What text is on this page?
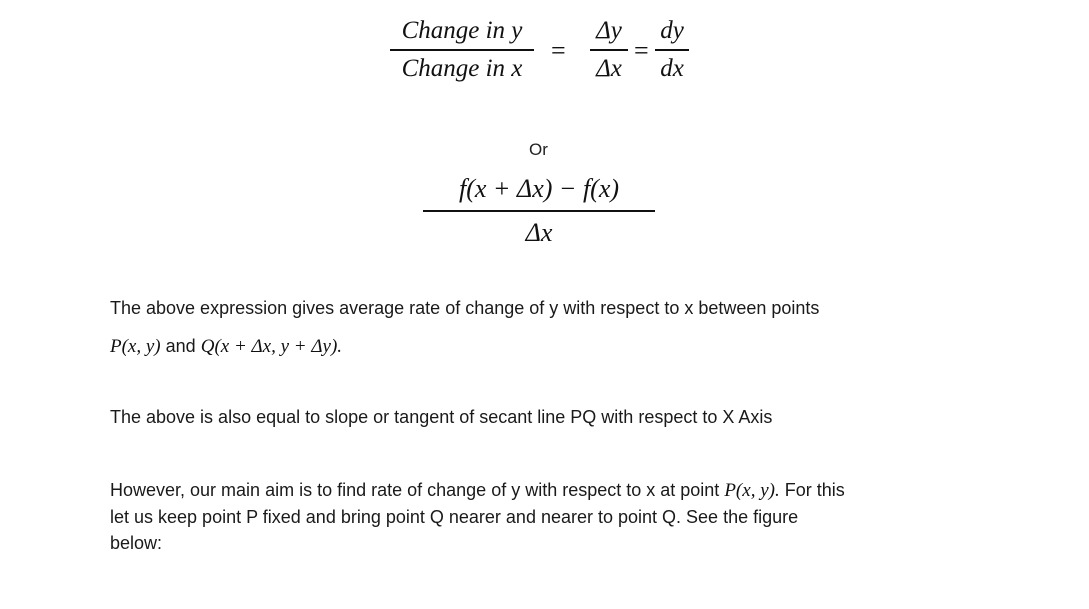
Change in y
Change in x
=
Δy
Δx
=
dy
dx
Or
f(x + Δx) − f(x)
Δx
The above expression gives average rate of change of y with respect to x between points
P(x, y) and Q(x + Δx, y + Δy).
The above is also equal to slope or tangent of secant line PQ with respect to X Axis
However, our main aim is to find rate of change of y with respect to x at point P(x, y). For this
let us keep point P fixed and bring point Q nearer and nearer to point Q. See the figure
below:
